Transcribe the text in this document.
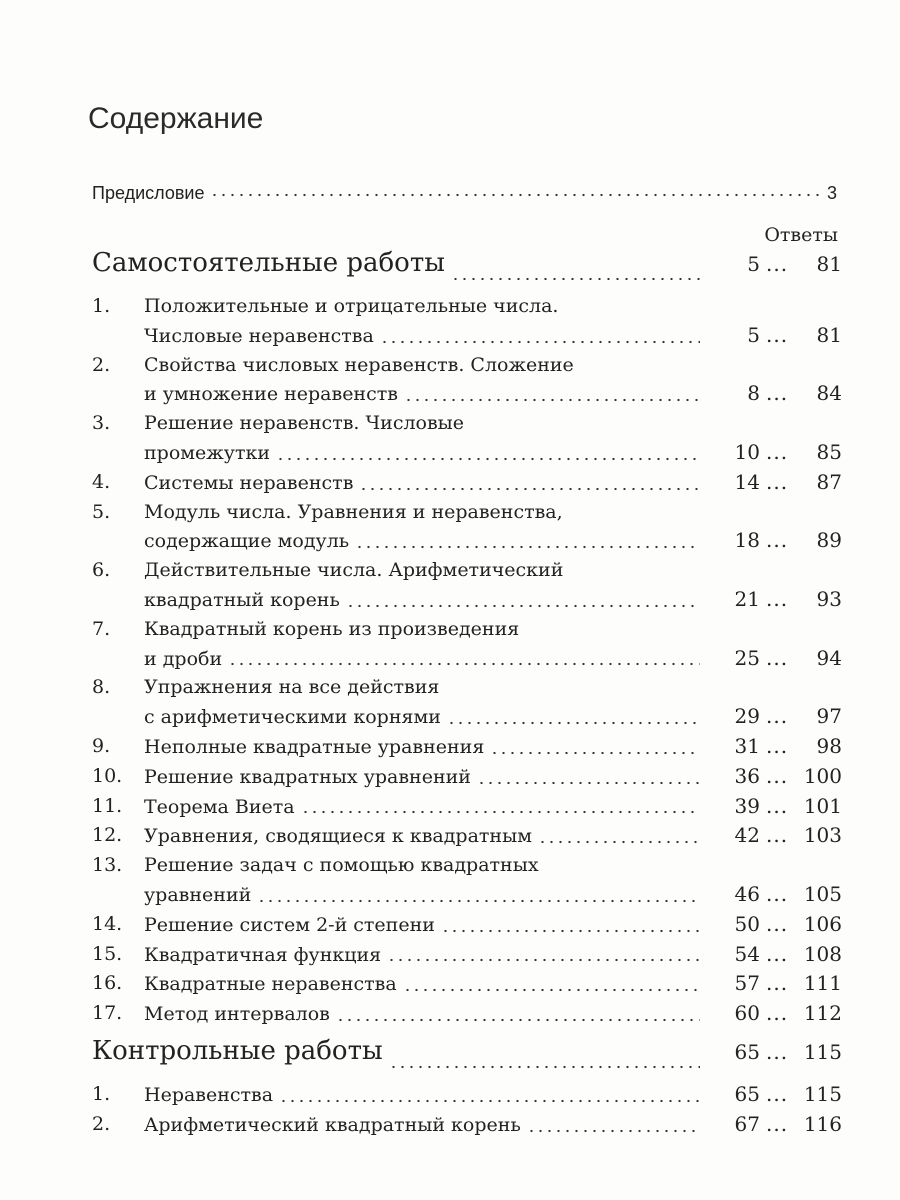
Содержание
Предисловие	3
Ответы
Самостоятельные работы	5 ...	81
1.	Положительные и отрицательные числа.
Числовые неравенства	5 ...	81
2.	Свойства числовых неравенств. Сложение
и умножение неравенств	8 ...	84
3.	Решение неравенств. Числовые
промежутки	10 ...	85
4.	Системы неравенств	14 ...	87
5.	Модуль числа. Уравнения и неравенства,
содержащие модуль	18 ...	89
6.	Действительные числа. Арифметический
квадратный корень	21 ...	93
7.	Квадратный корень из произведения
и дроби	25 ...	94
8.	Упражнения на все действия
с арифметическими корнями	29 ...	97
9.	Неполные квадратные уравнения	31 ...	98
10.	Решение квадратных уравнений	36 ... 100
11.	Теорема Виета	39 ... 101
12.	Уравнения, сводящиеся к квадратным	42 ... 103
13.	Решение задач с помощью квадратных
уравнений	46 ... 105
14.	Решение систем 2-й степени	50 ... 106
15.	Квадратичная функция	54 ... 108
16.	Квадратные неравенства	57 ... 111
17.	Метод интервалов	60 ... 112
Контрольные работы	65 ... 115
1.	Неравенства	65 ... 115
2.	Арифметический квадратный корень	67 ... 116
